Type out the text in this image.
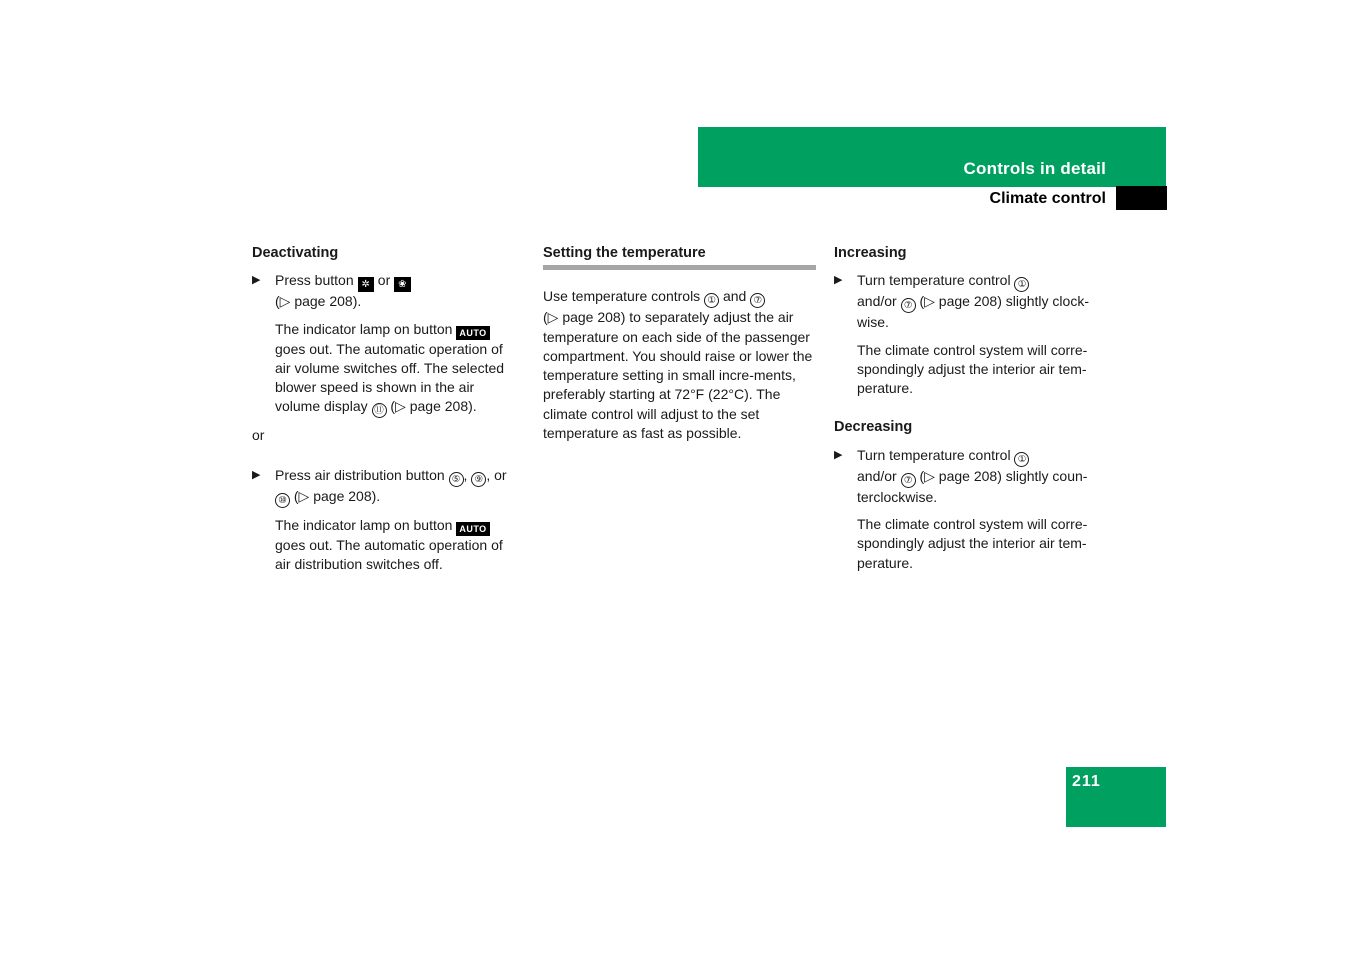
Controls in detail
Climate control
Deactivating
▶ Press button ✲ or ❀
(▷ page 208).
The indicator lamp on button AUTO goes out. The automatic operation of air volume switches off. The selected blower speed is shown in the air volume display ⑪ (▷ page 208).
or
▶ Press air distribution button ⑤ , ⑨ , or ⑩ (▷ page 208).
The indicator lamp on button AUTO goes out. The automatic operation of air distribution switches off.
Setting the temperature
Use temperature controls ① and ⑦
(▷ page 208) to separately adjust the air temperature on each side of the passenger compartment. You should raise or lower the temperature setting in small incre-ments, preferably starting at 72°F (22°C). The climate control will adjust to the set temperature as fast as possible.
Increasing
▶ Turn temperature control ①
and/or ⑦ (▷ page 208) slightly clock-wise.
The climate control system will corre-spondingly adjust the interior air tem-perature.
Decreasing
▶ Turn temperature control ①
and/or ⑦ (▷ page 208) slightly coun-terclockwise.
The climate control system will corre-spondingly adjust the interior air tem-perature.
211
